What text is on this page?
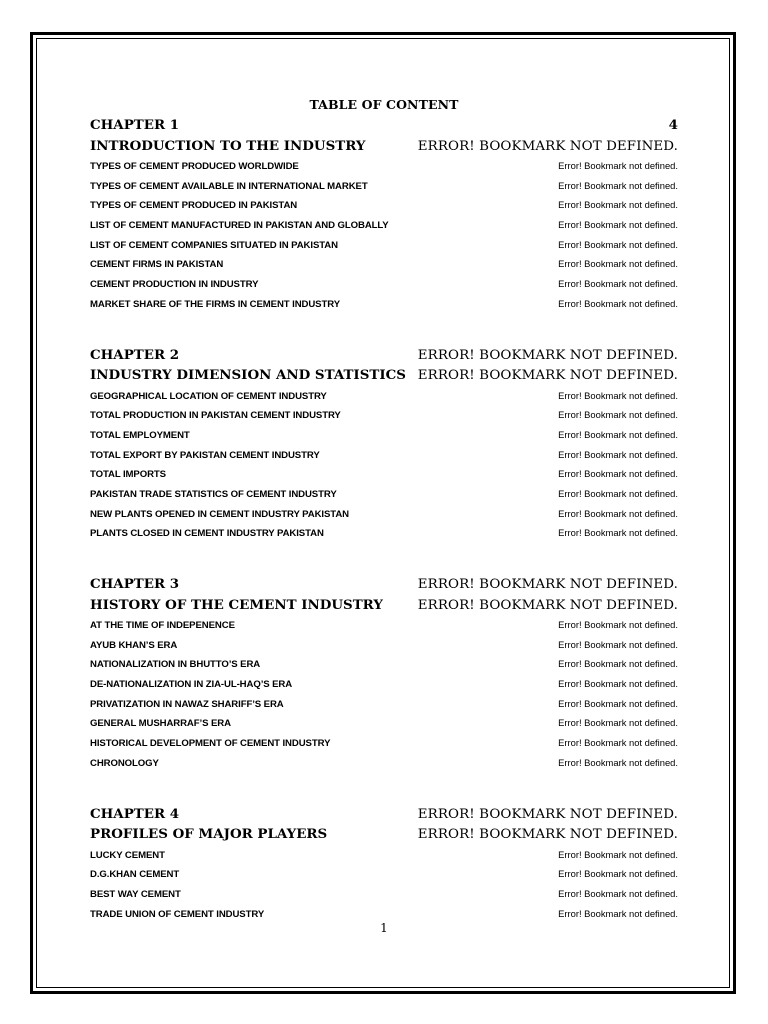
TABLE OF CONTENT
CHAPTER 1	4
INTRODUCTION TO THE INDUSTRY	ERROR! BOOKMARK NOT DEFINED.
TYPES OF CEMENT PRODUCED WORLDWIDE	Error! Bookmark not defined.
TYPES OF CEMENT AVAILABLE IN INTERNATIONAL MARKET	Error! Bookmark not defined.
TYPES OF CEMENT PRODUCED IN PAKISTAN	Error! Bookmark not defined.
LIST OF CEMENT MANUFACTURED IN PAKISTAN AND GLOBALLY	Error! Bookmark not defined.
LIST OF CEMENT COMPANIES SITUATED IN PAKISTAN	Error! Bookmark not defined.
CEMENT FIRMS IN PAKISTAN	Error! Bookmark not defined.
CEMENT PRODUCTION IN INDUSTRY	Error! Bookmark not defined.
MARKET SHARE OF THE FIRMS IN CEMENT INDUSTRY	Error! Bookmark not defined.
CHAPTER 2	ERROR! BOOKMARK NOT DEFINED.
INDUSTRY DIMENSION AND STATISTICS ERROR! BOOKMARK NOT DEFINED.
GEOGRAPHICAL LOCATION OF CEMENT INDUSTRY	Error! Bookmark not defined.
TOTAL PRODUCTION IN PAKISTAN CEMENT INDUSTRY	Error! Bookmark not defined.
TOTAL EMPLOYMENT	Error! Bookmark not defined.
TOTAL EXPORT BY PAKISTAN CEMENT INDUSTRY	Error! Bookmark not defined.
TOTAL IMPORTS	Error! Bookmark not defined.
PAKISTAN TRADE STATISTICS OF CEMENT INDUSTRY	Error! Bookmark not defined.
NEW PLANTS OPENED IN CEMENT INDUSTRY PAKISTAN	Error! Bookmark not defined.
PLANTS CLOSED IN CEMENT INDUSTRY PAKISTAN	Error! Bookmark not defined.
CHAPTER 3	ERROR! BOOKMARK NOT DEFINED.
HISTORY OF THE CEMENT INDUSTRY	ERROR! BOOKMARK NOT DEFINED.
AT THE TIME OF INDEPENENCE	Error! Bookmark not defined.
AYUB KHAN’S ERA	Error! Bookmark not defined.
NATIONALIZATION IN BHUTTO’S ERA	Error! Bookmark not defined.
DE-NATIONALIZATION IN ZIA-UL-HAQ’S ERA	Error! Bookmark not defined.
PRIVATIZATION IN NAWAZ SHARIFF’S ERA	Error! Bookmark not defined.
GENERAL MUSHARRAF’S ERA	Error! Bookmark not defined.
HISTORICAL DEVELOPMENT OF CEMENT INDUSTRY	Error! Bookmark not defined.
CHRONOLOGY	Error! Bookmark not defined.
CHAPTER 4	ERROR! BOOKMARK NOT DEFINED.
PROFILES OF MAJOR PLAYERS	ERROR! BOOKMARK NOT DEFINED.
LUCKY CEMENT	Error! Bookmark not defined.
D.G.KHAN CEMENT	Error! Bookmark not defined.
BEST WAY CEMENT	Error! Bookmark not defined.
TRADE UNION OF CEMENT INDUSTRY	Error! Bookmark not defined.
1
